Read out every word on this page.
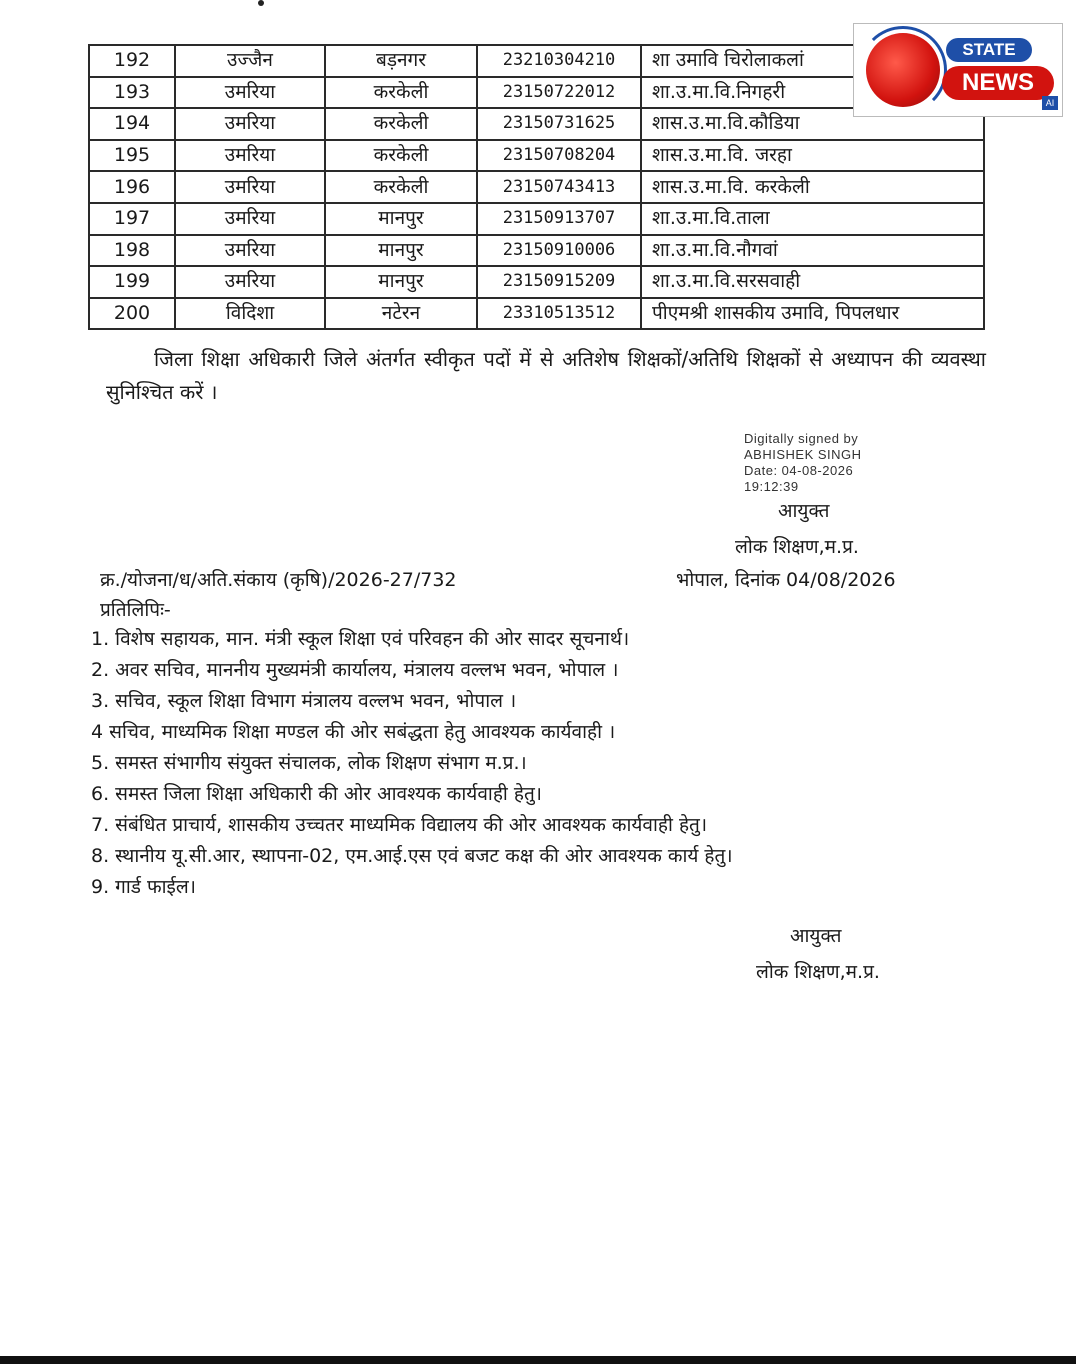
192	उज्जैन	बड़नगर	23210304210	शा उमावि चिरोलाकलां
193	उमरिया	करकेली	23150722012	शा.उ.मा.वि.निगहरी
194	उमरिया	करकेली	23150731625	शास.उ.मा.वि.कौडिया
195	उमरिया	करकेली	23150708204	शास.उ.मा.वि. जरहा
196	उमरिया	करकेली	23150743413	शास.उ.मा.वि. करकेली
197	उमरिया	मानपुर	23150913707	शा.उ.मा.वि.ताला
198	उमरिया	मानपुर	23150910006	शा.उ.मा.वि.नौगवां
199	उमरिया	मानपुर	23150915209	शा.उ.मा.वि.सरसवाही
200	विदिशा	नटेरन	23310513512	पीएमश्री शासकीय उमावि, पिपलधार
STATE
NEWS
AI

जिला शिक्षा अधिकारी जिले अंतर्गत स्वीकृत पदों में से अतिशेष शिक्षकों/अतिथि शिक्षकों से अध्यापन की व्यवस्था सुनिश्चित करें ।

Digitally signed by
ABHISHEK SINGH
Date: 04-08-2026
19:12:39
आयुक्त
लोक शिक्षण,म.प्र.
क्र./योजना/ध/अति.संकाय (कृषि)/2026-27/732	भोपाल, दिनांक 04/08/2026
प्रतिलिपिः-
1. विशेष सहायक, मान. मंत्री स्कूल शिक्षा एवं परिवहन की ओर सादर सूचनार्थ।
2. अवर सचिव, माननीय मुख्यमंत्री कार्यालय, मंत्रालय वल्लभ भवन, भोपाल ।
3. सचिव, स्कूल शिक्षा विभाग मंत्रालय वल्लभ भवन, भोपाल ।
4 सचिव, माध्यमिक शिक्षा मण्डल की ओर सबंद्धता हेतु आवश्यक कार्यवाही ।
5. समस्त संभागीय संयुक्त संचालक, लोक शिक्षण संभाग म.प्र.।
6. समस्त जिला शिक्षा अधिकारी की ओर आवश्यक कार्यवाही हेतु।
7. संबंधित प्राचार्य, शासकीय उच्चतर माध्यमिक विद्यालय की ओर आवश्यक कार्यवाही हेतु।
8. स्थानीय यू.सी.आर, स्थापना-02, एम.आई.एस एवं बजट कक्ष की ओर आवश्यक कार्य हेतु।
9. गार्ड फाईल।
आयुक्त
लोक शिक्षण,म.प्र.
